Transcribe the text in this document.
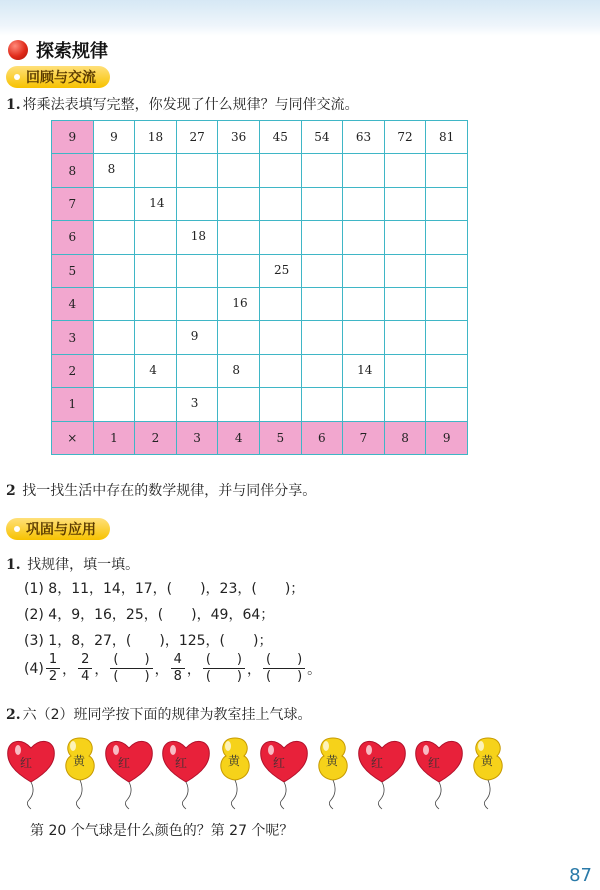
探索规律
回顾与交流
1. 将乘法表填写完整，你发现了什么规律？与同伴交流。
9	9	18	27	36	45	54	63	72	81
8	8								
7		14							
6			18						
5					25				
4				16					
3			9						
2		4		8			14		
1			3						
×	1	2	3	4	5	6	7	8	9
2 找一找生活中存在的数学规律，并与同伴分享。
巩固与应用
1. 找规律，填一填。
(1) 8，11，14，17，(　　)，23，(　　)；
(2) 4，9，16，25，(　　)，49，64；
(3) 1，8，27，(　　)，125，(　　)；
$(4) \frac{1}{2}$ ， $\frac{2}{4}$ ， $\frac{( )}{( )}$ ， $\frac{4}{8}$ ， $\frac{( )}{( )}$ ， $\frac{( )}{( )}$ 。
2. 六（2）班同学按下面的规律为教室挂上气球。
红	黄	红	红	黄	红	黄	红	红	黄
第 20 个气球是什么颜色的？第 27 个呢？
87
